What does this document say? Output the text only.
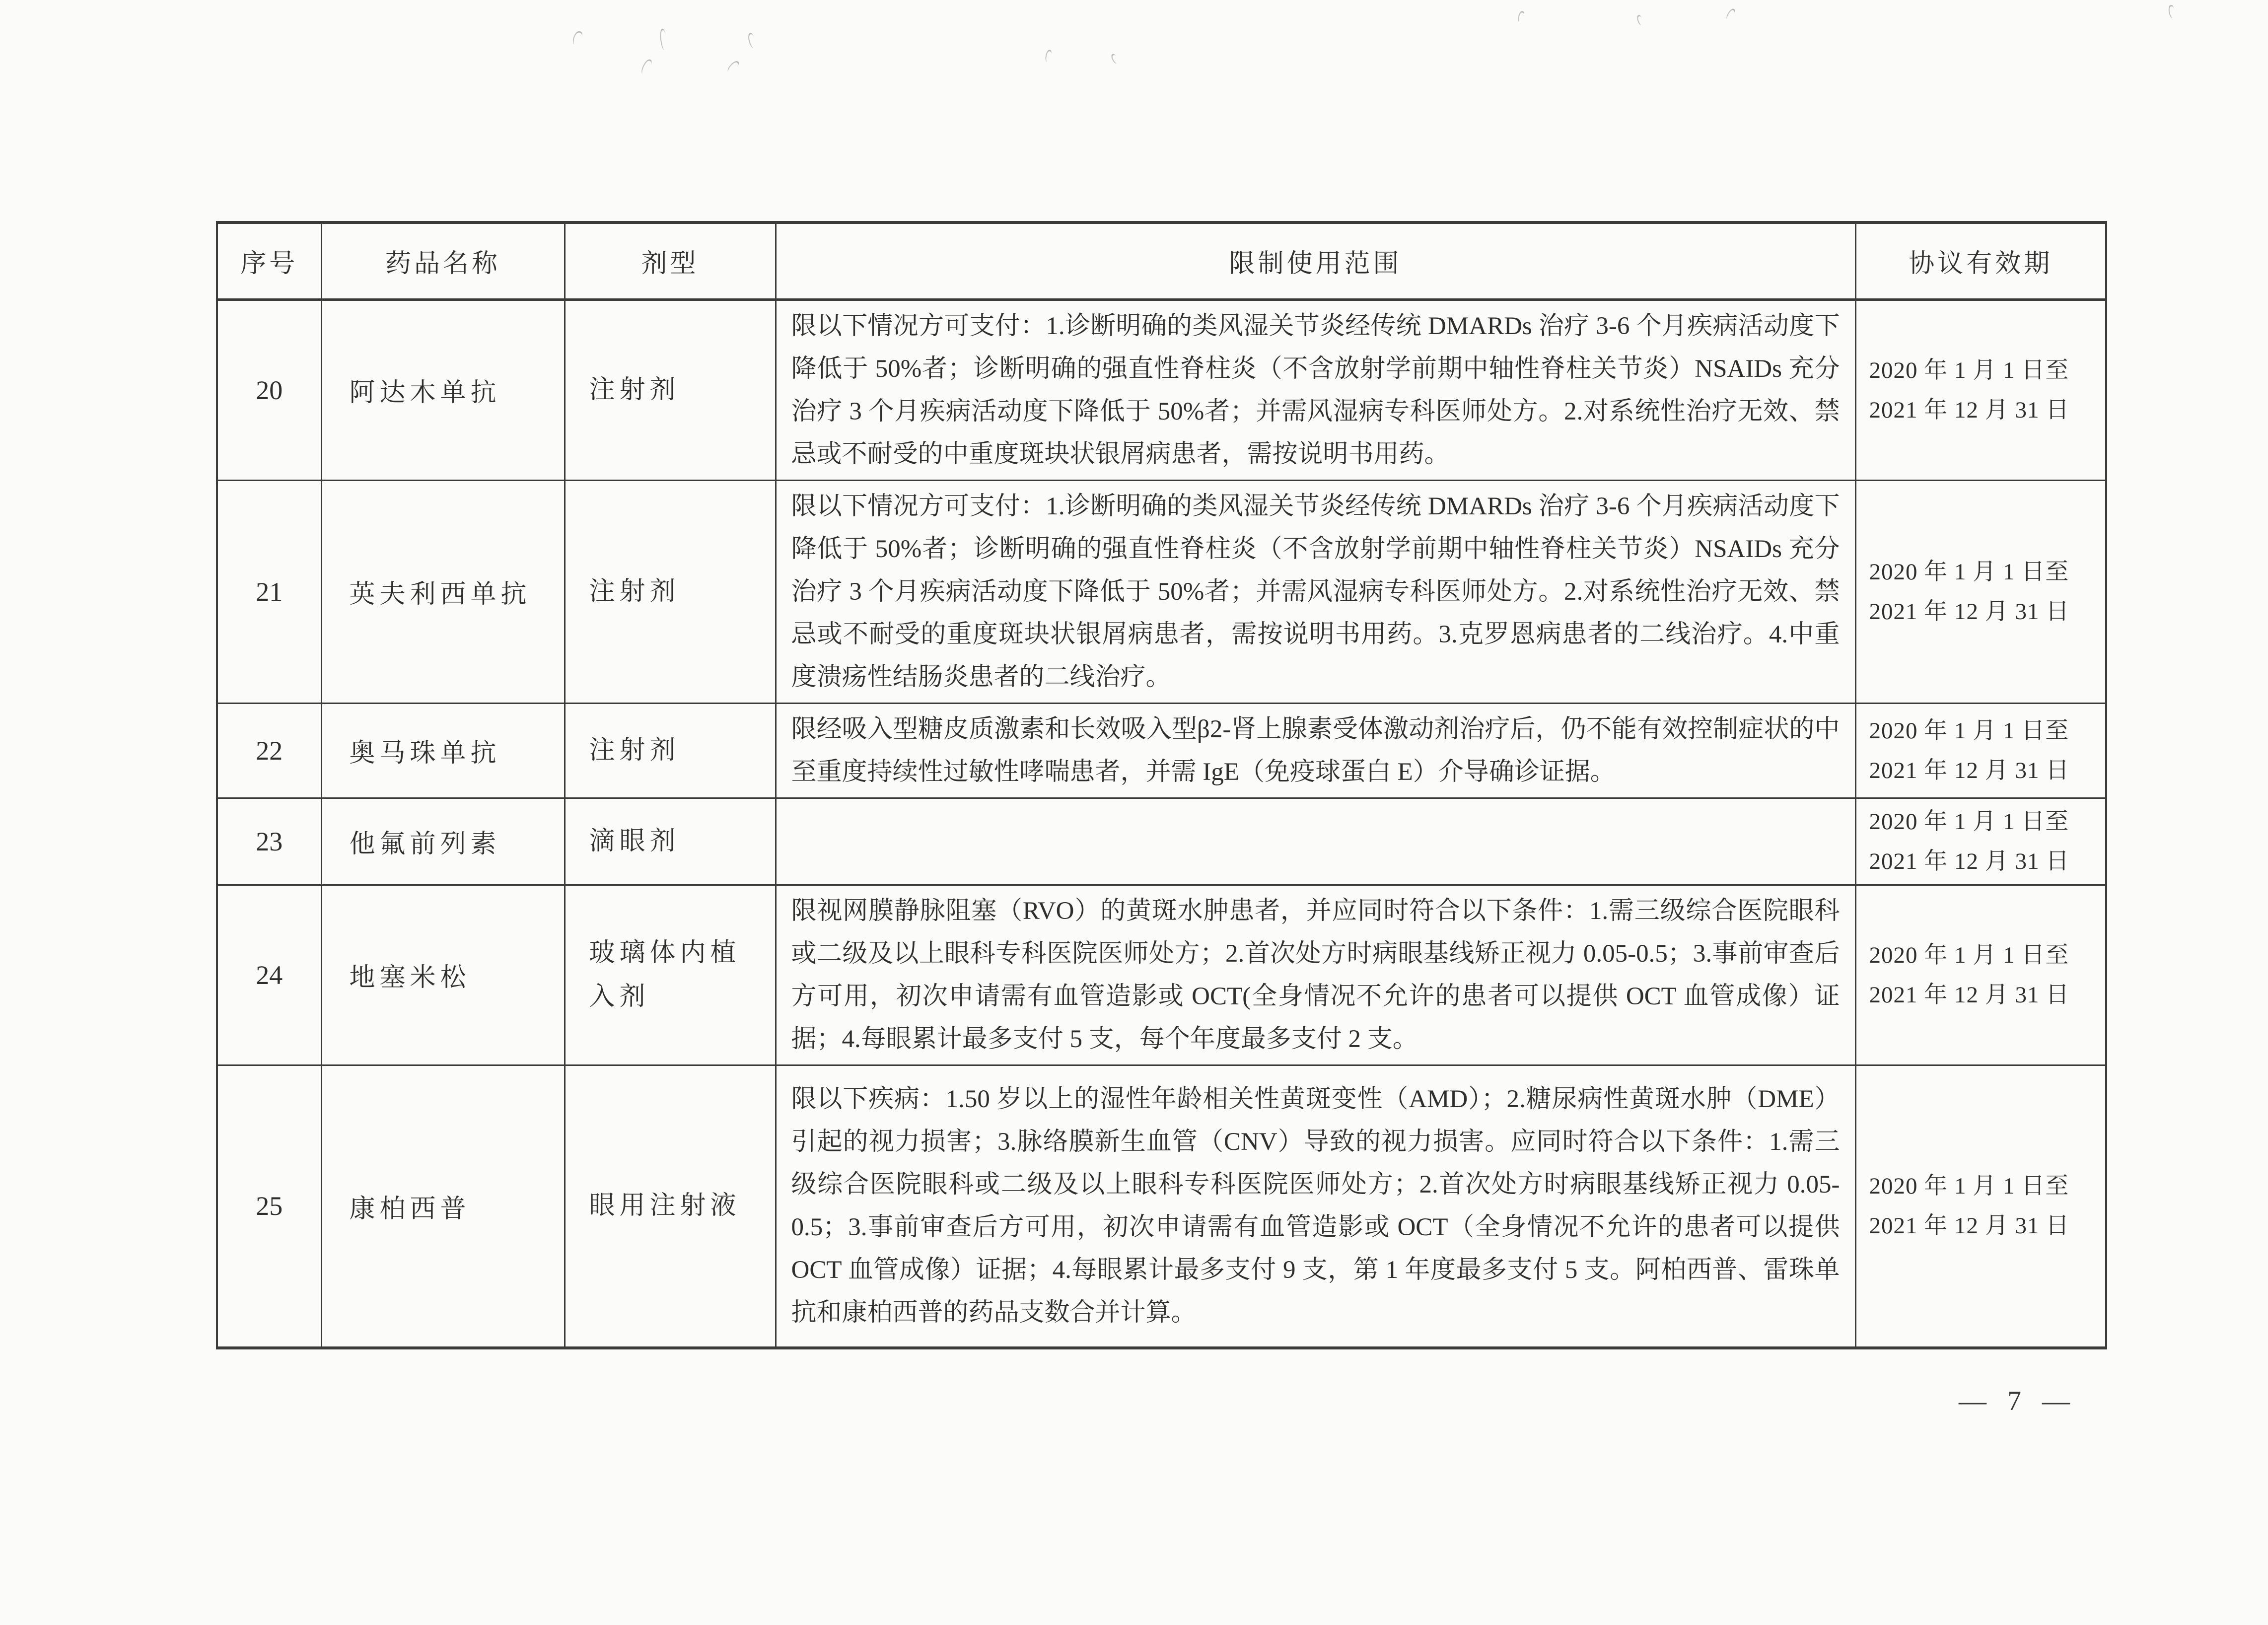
序号	药品名称	剂型	限制使用范围	协议有效期
20	阿达木单抗	注射剂	限以下情况方可支付：1.诊断明确的类风湿关节炎经传统 DMARDs 治疗 3-6 个月疾病活动度下降低于 50%者；诊断明确的强直性脊柱炎（不含放射学前期中轴性脊柱关节炎）NSAIDs 充分治疗 3 个月疾病活动度下降低于 50%者；并需风湿病专科医师处方。2.对系统性治疗无效、禁忌或不耐受的中重度斑块状银屑病患者，需按说明书用药。	2020 年 1 月 1 日至
2021 年 12 月 31 日

21	英夫利西单抗	注射剂	限以下情况方可支付：1.诊断明确的类风湿关节炎经传统 DMARDs 治疗 3-6 个月疾病活动度下降低于 50%者；诊断明确的强直性脊柱炎（不含放射学前期中轴性脊柱关节炎）NSAIDs 充分治疗 3 个月疾病活动度下降低于 50%者；并需风湿病专科医师处方。2.对系统性治疗无效、禁忌或不耐受的重度斑块状银屑病患者，需按说明书用药。3.克罗恩病患者的二线治疗。4.中重度溃疡性结肠炎患者的二线治疗。	2020 年 1 月 1 日至
2021 年 12 月 31 日

22	奥马珠单抗	注射剂	限经吸入型糖皮质激素和长效吸入型β2-肾上腺素受体激动剂治疗后，仍不能有效控制症状的中至重度持续性过敏性哮喘患者，并需 IgE（免疫球蛋白 E）介导确诊证据。	2020 年 1 月 1 日至
2021 年 12 月 31 日

23	他氟前列素	滴眼剂		2020 年 1 月 1 日至
2021 年 12 月 31 日

24	地塞米松	玻璃体内植入剂	限视网膜静脉阻塞（RVO）的黄斑水肿患者，并应同时符合以下条件：1.需三级综合医院眼科或二级及以上眼科专科医院医师处方；2.首次处方时病眼基线矫正视力 0.05-0.5；3.事前审查后方可用，初次申请需有血管造影或 OCT(全身情况不允许的患者可以提供 OCT 血管成像）证据；4.每眼累计最多支付 5 支，每个年度最多支付 2 支。	2020 年 1 月 1 日至
2021 年 12 月 31 日

25	康柏西普	眼用注射液	限以下疾病：1.50 岁以上的湿性年龄相关性黄斑变性（AMD）；2.糖尿病性黄斑水肿（DME）引起的视力损害；3.脉络膜新生血管（CNV）导致的视力损害。应同时符合以下条件：1.需三级综合医院眼科或二级及以上眼科专科医院医师处方；2.首次处方时病眼基线矫正视力 0.05-0.5；3.事前审查后方可用，初次申请需有血管造影或 OCT（全身情况不允许的患者可以提供 OCT 血管成像）证据；4.每眼累计最多支付 9 支，第 1 年度最多支付 5 支。阿柏西普、雷珠单抗和康柏西普的药品支数合并计算。	2020 年 1 月 1 日至
2021 年 12 月 31 日
— 7 —
